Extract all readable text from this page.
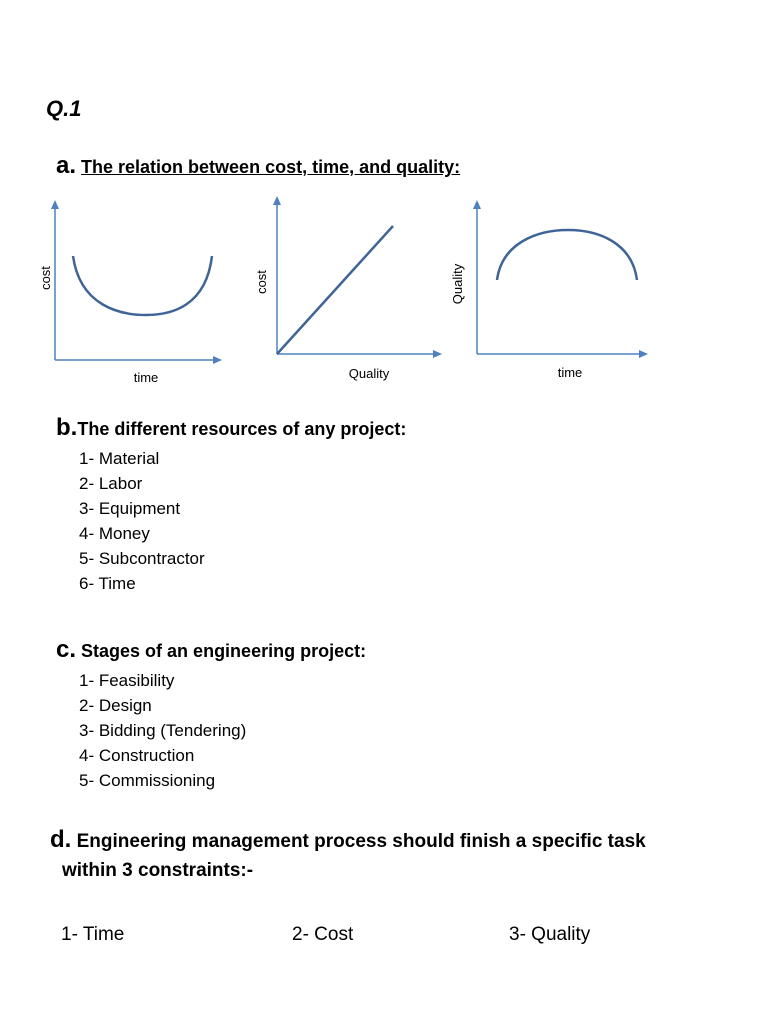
Q.1
a. The relation between cost, time, and quality:
cost
time
cost
Quality
Quality
time
b.The different resources of any project:
1- Material
2- Labor
3- Equipment
4- Money
5- Subcontractor
6- Time
c. Stages of an engineering project:
1- Feasibility
2- Design
3- Bidding (Tendering)
4- Construction
5- Commissioning
d. Engineering management process should finish a specific task
within 3 constraints:-
1- Time	2- Cost	3- Quality
